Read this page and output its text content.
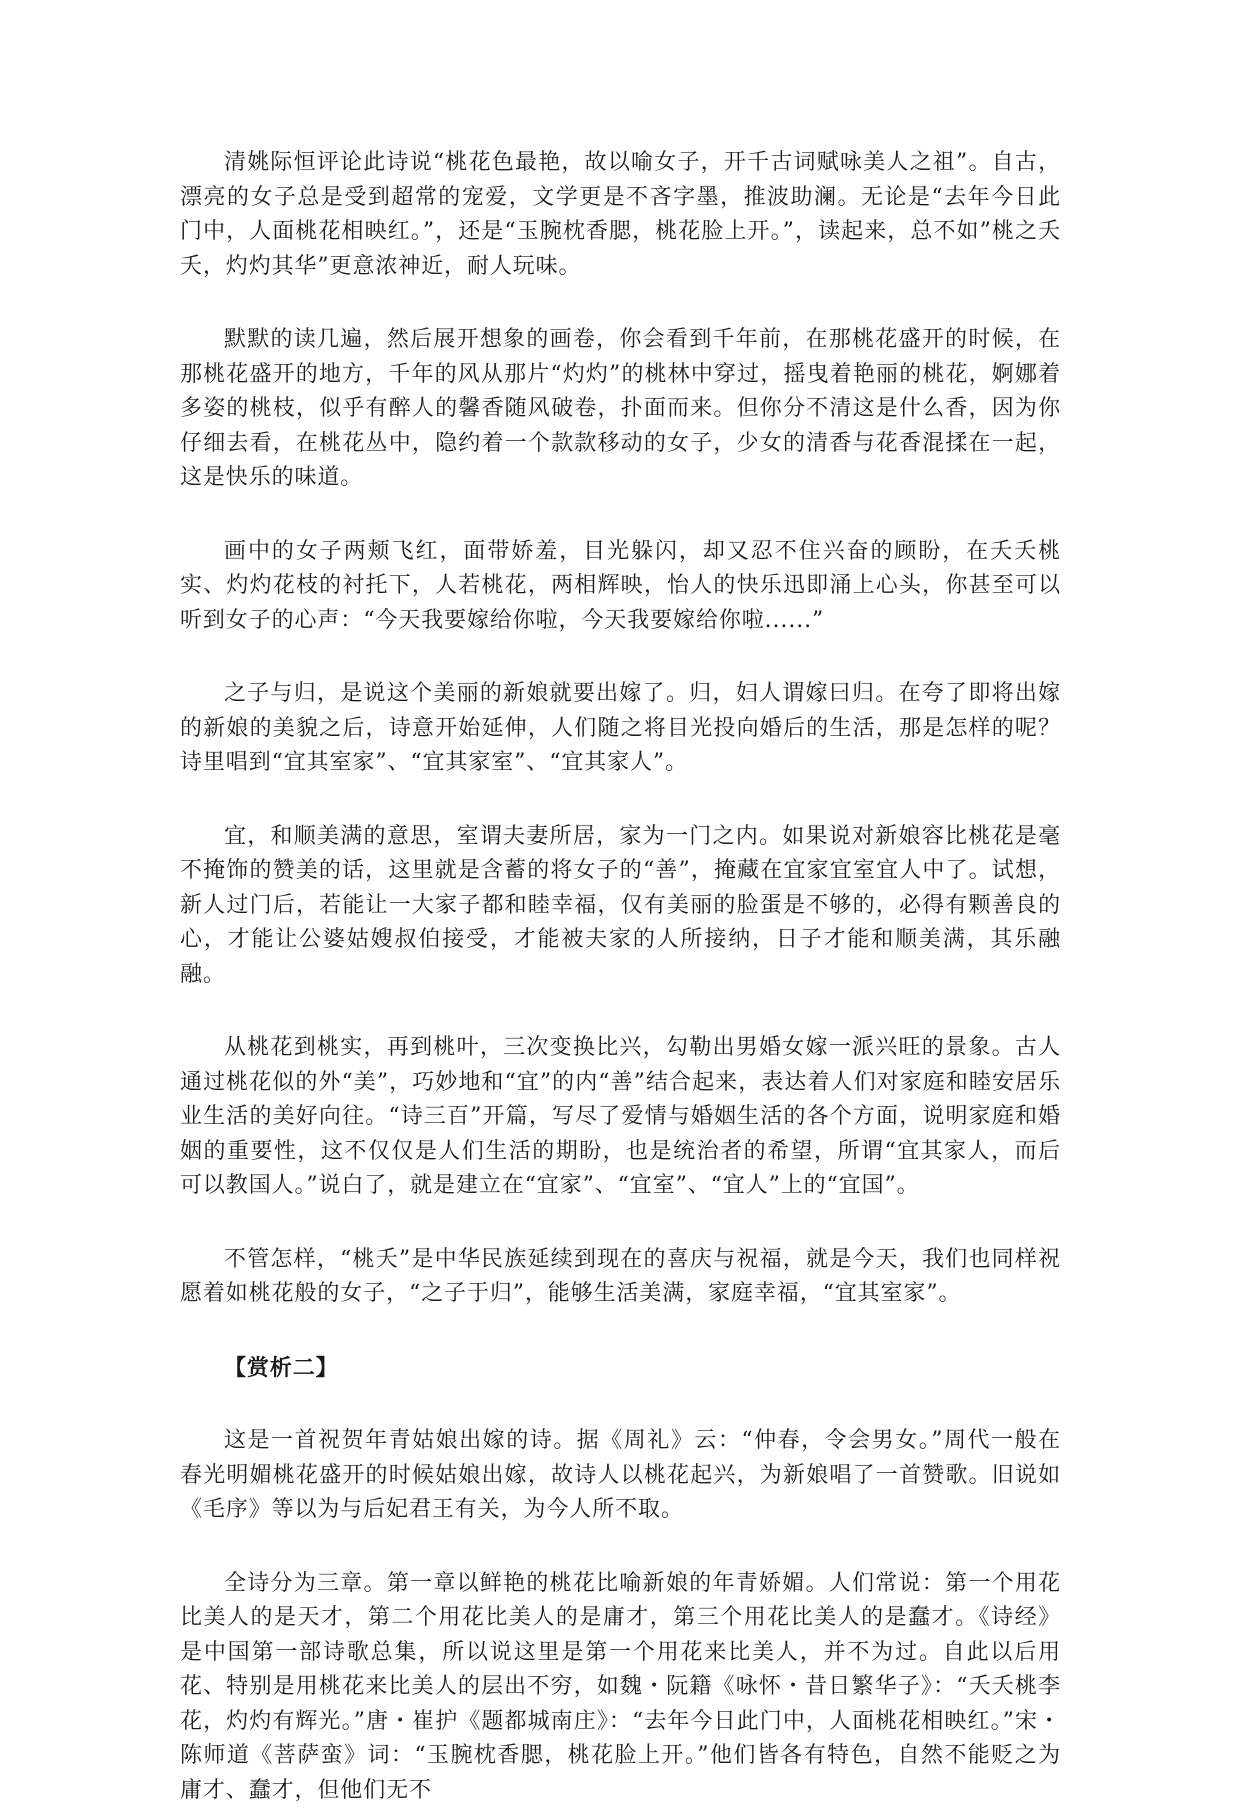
清姚际恒评论此诗说“桃花色最艳，故以喻女子，开千古词赋咏美人之祖”。自古，漂亮的女子总是受到超常的宠爱，文学更是不吝字墨，推波助澜。无论是“去年今日此门中，人面桃花相映红。”，还是“玉腕枕香腮，桃花脸上开。”，读起来，总不如”桃之夭夭，灼灼其华”更意浓神近，耐人玩味。

默默的读几遍，然后展开想象的画卷，你会看到千年前，在那桃花盛开的时候，在那桃花盛开的地方，千年的风从那片“灼灼”的桃林中穿过，摇曳着艳丽的桃花，婀娜着多姿的桃枝，似乎有醉人的馨香随风破卷，扑面而来。但你分不清这是什么香，因为你仔细去看，在桃花丛中，隐约着一个款款移动的女子，少女的清香与花香混揉在一起，这是快乐的味道。

画中的女子两颊飞红，面带娇羞，目光躲闪，却又忍不住兴奋的顾盼，在夭夭桃实、灼灼花枝的衬托下，人若桃花，两相辉映，怡人的快乐迅即涌上心头，你甚至可以听到女子的心声：“今天我要嫁给你啦，今天我要嫁给你啦......”

之子与归，是说这个美丽的新娘就要出嫁了。归，妇人谓嫁曰归。在夸了即将出嫁的新娘的美貌之后，诗意开始延伸，人们随之将目光投向婚后的生活，那是怎样的呢？诗里唱到“宜其室家”、“宜其家室”、“宜其家人”。

宜，和顺美满的意思，室谓夫妻所居，家为一门之内。如果说对新娘容比桃花是毫不掩饰的赞美的话，这里就是含蓄的将女子的“善”，掩藏在宜家宜室宜人中了。试想，新人过门后，若能让一大家子都和睦幸福，仅有美丽的脸蛋是不够的，必得有颗善良的心，才能让公婆姑嫂叔伯接受，才能被夫家的人所接纳，日子才能和顺美满，其乐融融。

从桃花到桃实，再到桃叶，三次变换比兴，勾勒出男婚女嫁一派兴旺的景象。古人通过桃花似的外“美”，巧妙地和“宜”的内“善”结合起来，表达着人们对家庭和睦安居乐业生活的美好向往。“诗三百”开篇，写尽了爱情与婚姻生活的各个方面，说明家庭和婚姻的重要性，这不仅仅是人们生活的期盼，也是统治者的希望，所谓“宜其家人，而后可以教国人。”说白了，就是建立在“宜家”、“宜室”、“宜人”上的“宜国”。

不管怎样，“桃夭”是中华民族延续到现在的喜庆与祝福，就是今天，我们也同样祝愿着如桃花般的女子，“之子于归”，能够生活美满，家庭幸福，“宜其室家”。

【赏析二】

这是一首祝贺年青姑娘出嫁的诗。据《周礼》云：“仲春，令会男女。”周代一般在春光明媚桃花盛开的时候姑娘出嫁，故诗人以桃花起兴，为新娘唱了一首赞歌。旧说如《毛序》等以为与后妃君王有关，为今人所不取。

全诗分为三章。第一章以鲜艳的桃花比喻新娘的年青娇媚。人们常说：第一个用花比美人的是天才，第二个用花比美人的是庸才，第三个用花比美人的是蠢才。《诗经》是中国第一部诗歌总集，所以说这里是第一个用花来比美人，并不为过。自此以后用花、特别是用桃花来比美人的层出不穷，如魏・阮籍《咏怀・昔日繁华子》：“夭夭桃李花，灼灼有辉光。”唐・崔护《题都城南庄》：“去年今日此门中，人面桃花相映红。”宋・陈师道《菩萨蛮》词：“玉腕枕香腮，桃花脸上开。”他们皆各有特色，自然不能贬之为庸才、蠢才，但他们无不
